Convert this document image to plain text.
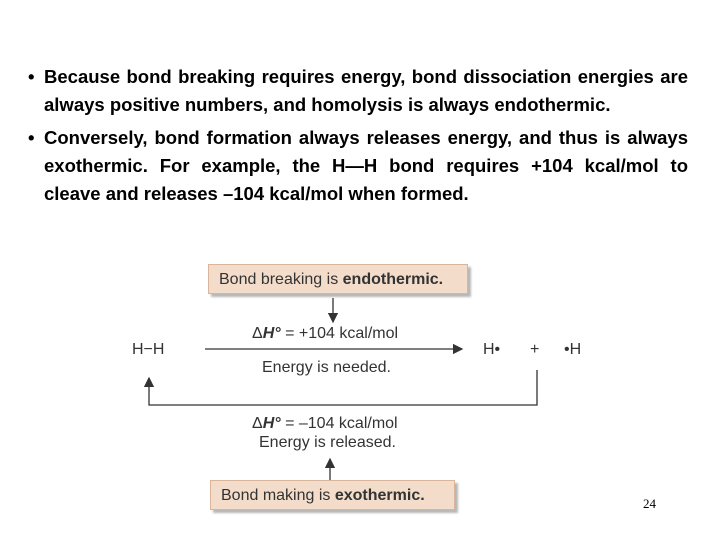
• Because bond breaking requires energy, bond dissociation energies are always positive numbers, and homolysis is always endothermic.
• Conversely, bond formation always releases energy, and thus is always exothermic. For example, the H—H bond requires +104 kcal/mol to cleave and releases –104 kcal/mol when formed.
Bond breaking is endothermic.
Bond making is exothermic.
H−H	H• + •H
ΔH° = +104 kcal/mol
Energy is needed.
ΔH° = –104 kcal/mol
Energy is released.
24
